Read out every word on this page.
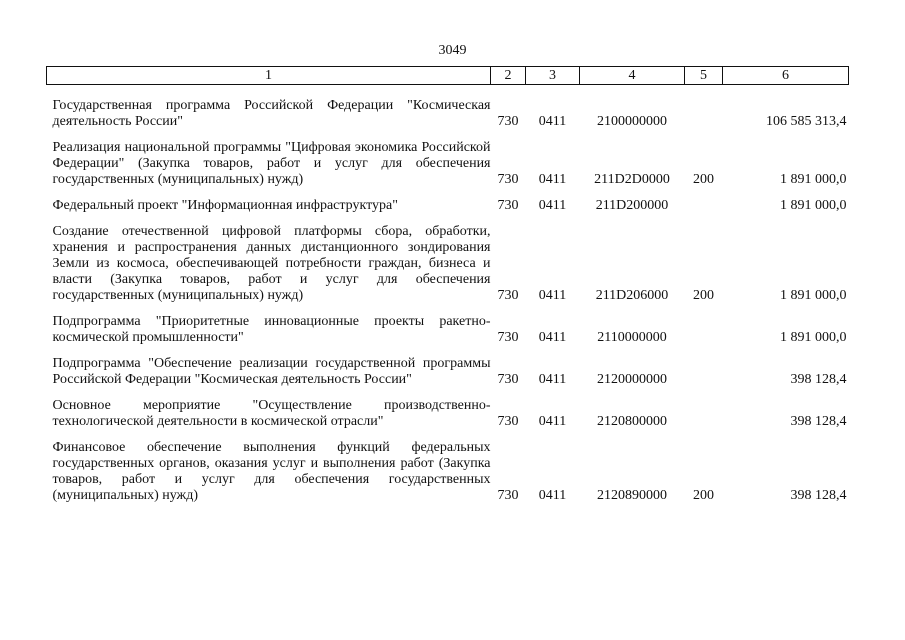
3049
1	2	3	4	5	6
Государственная программа Российской Федерации "Космическая деятельность России"	730	0411	2100000000		106 585 313,4
Реализация национальной программы "Цифровая экономика Российской Федерации" (Закупка товаров, работ и услуг для обеспечения государственных (муниципальных) нужд)	730	0411	211D2D0000	200	1 891 000,0
Федеральный проект "Информационная инфраструктура"	730	0411	211D200000		1 891 000,0
Создание отечественной цифровой платформы сбора, обработки, хранения и распространения данных дистанционного зондирования Земли из космоса, обеспечивающей потребности граждан, бизнеса и власти (Закупка товаров, работ и услуг для обеспечения государственных (муниципальных) нужд)	730	0411	211D206000	200	1 891 000,0
Подпрограмма "Приоритетные инновационные проекты ракетно-космической промышленности"	730	0411	2110000000		1 891 000,0
Подпрограмма "Обеспечение реализации государственной программы Российской Федерации "Космическая деятельность России"	730	0411	2120000000		398 128,4
Основное мероприятие "Осуществление производственно-технологической деятельности в космической отрасли"	730	0411	2120800000		398 128,4
Финансовое обеспечение выполнения функций федеральных государственных органов, оказания услуг и выполнения работ (Закупка товаров, работ и услуг для обеспечения государственных (муниципальных) нужд)	730	0411	2120890000	200	398 128,4
